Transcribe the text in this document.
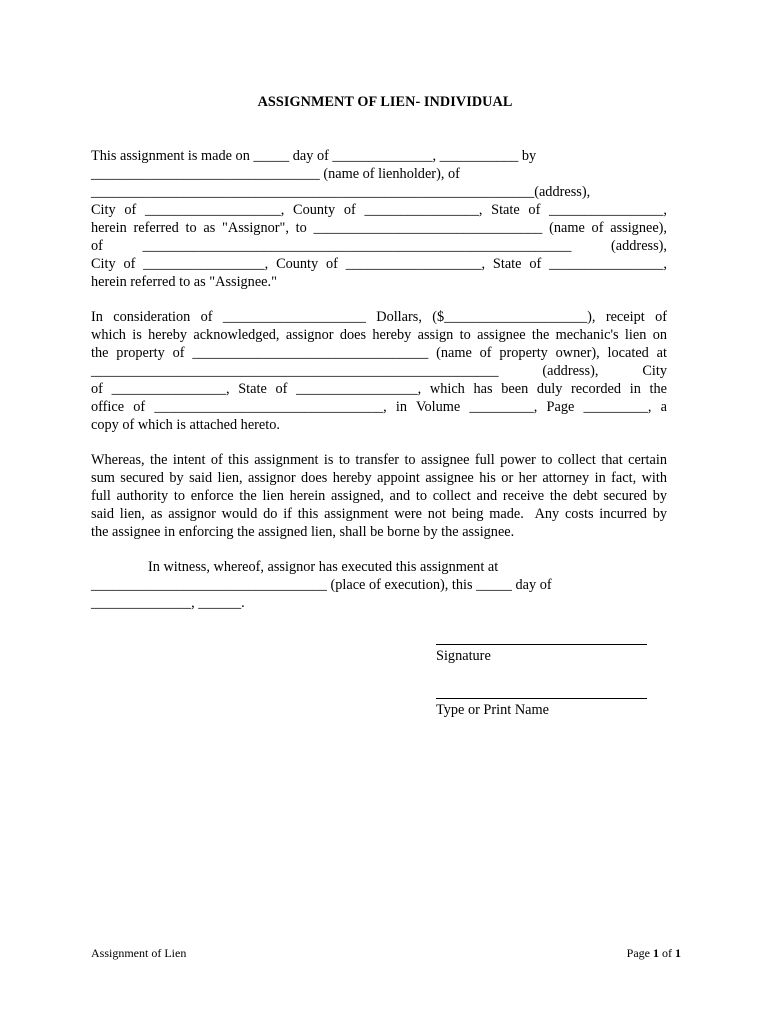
ASSIGNMENT OF LIEN- INDIVIDUAL
This assignment is made on _____ day of ______________, ___________ by
________________________________ (name of lienholder), of
______________________________________________________________(address),
City of ___________________, County of ________________, State of ________________,
herein referred to as "Assignor", to ________________________________ (name of assignee),
of ____________________________________________________________ (address),
City of _________________, County of ___________________, State of ________________,
herein referred to as "Assignee."
In consideration of ____________________ Dollars, ($____________________), receipt of
which is hereby acknowledged, assignor does hereby assign to assignee the mechanic's lien on
the property of _________________________________ (name of property owner), located at
_________________________________________________________ (address), City
of ________________, State of _________________, which has been duly recorded in the
office of ________________________________, in Volume _________, Page _________, a
copy of which is attached hereto.
Whereas, the intent of this assignment is to transfer to assignee full power to collect that certain
sum secured by said lien, assignor does hereby appoint assignee his or her attorney in fact, with
full authority to enforce the lien herein assigned, and to collect and receive the debt secured by
said lien, as assignor would do if this assignment were not being made.  Any costs incurred by
the assignee in enforcing the assigned lien, shall be borne by the assignee.
In witness, whereof, assignor has executed this assignment at
_________________________________ (place of execution), this _____ day of
______________, ______.
Signature
Type or Print Name
Assignment of Lien	Page 1 of 1
